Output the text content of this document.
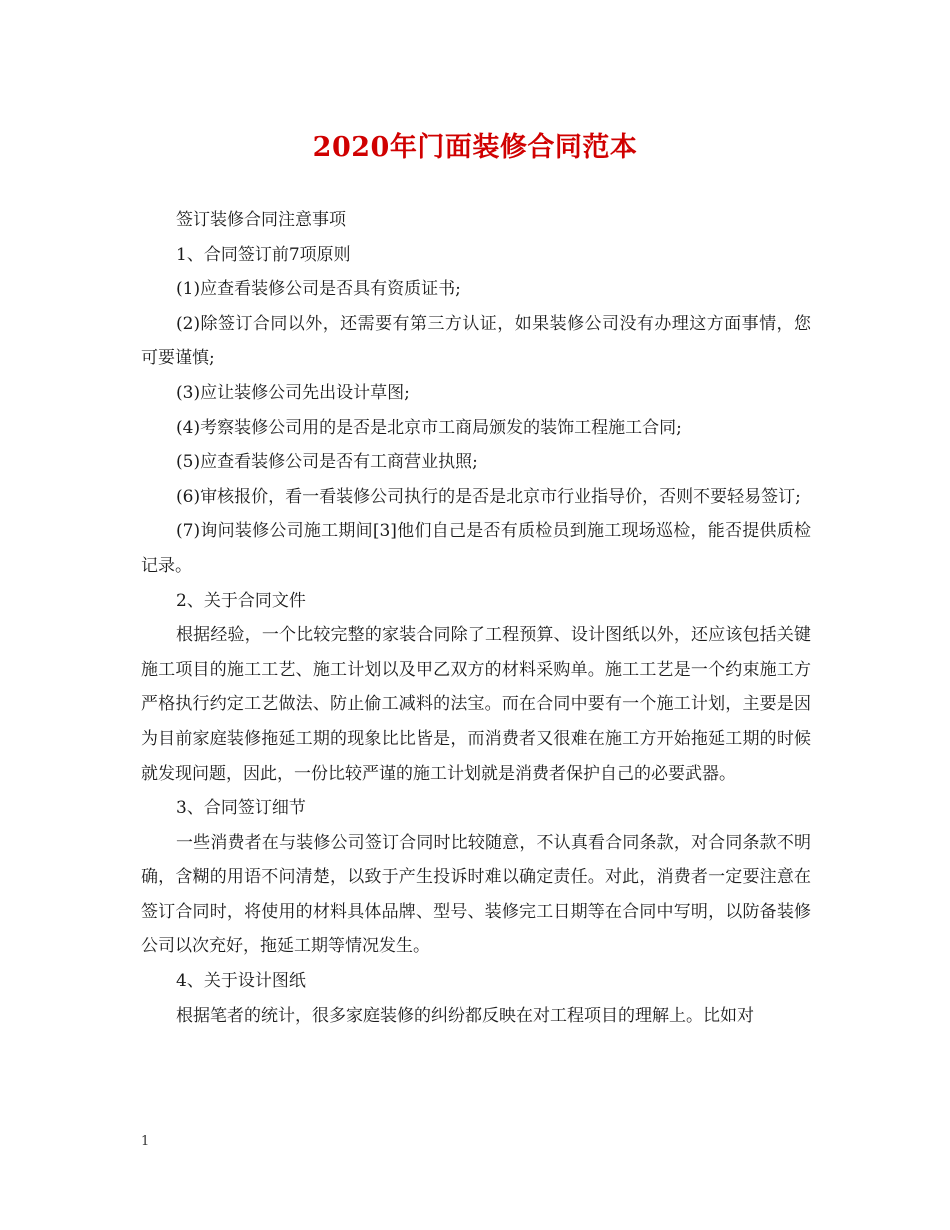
2020年门面装修合同范本

签订装修合同注意事项

1、合同签订前7项原则

(1)应查看装修公司是否具有资质证书;

(2)除签订合同以外，还需要有第三方认证，如果装修公司没有办理这方面事情，您可要谨慎;

(3)应让装修公司先出设计草图;

(4)考察装修公司用的是否是北京市工商局颁发的装饰工程施工合同;

(5)应查看装修公司是否有工商营业执照;

(6)审核报价，看一看装修公司执行的是否是北京市行业指导价，否则不要轻易签订;

(7)询问装修公司施工期间[3]他们自己是否有质检员到施工现场巡检，能否提供质检记录。

2、关于合同文件

根据经验，一个比较完整的家装合同除了工程预算、设计图纸以外，还应该包括关键施工项目的施工工艺、施工计划以及甲乙双方的材料采购单。施工工艺是一个约束施工方严格执行约定工艺做法、防止偷工减料的法宝。而在合同中要有一个施工计划，主要是因为目前家庭装修拖延工期的现象比比皆是，而消费者又很难在施工方开始拖延工期的时候就发现问题，因此，一份比较严谨的施工计划就是消费者保护自己的必要武器。

3、合同签订细节

一些消费者在与装修公司签订合同时比较随意，不认真看合同条款，对合同条款不明确，含糊的用语不问清楚，以致于产生投诉时难以确定责任。对此，消费者一定要注意在签订合同时，将使用的材料具体品牌、型号、装修完工日期等在合同中写明，以防备装修公司以次充好，拖延工期等情况发生。

4、关于设计图纸

根据笔者的统计，很多家庭装修的纠纷都反映在对工程项目的理解上。比如对

1
